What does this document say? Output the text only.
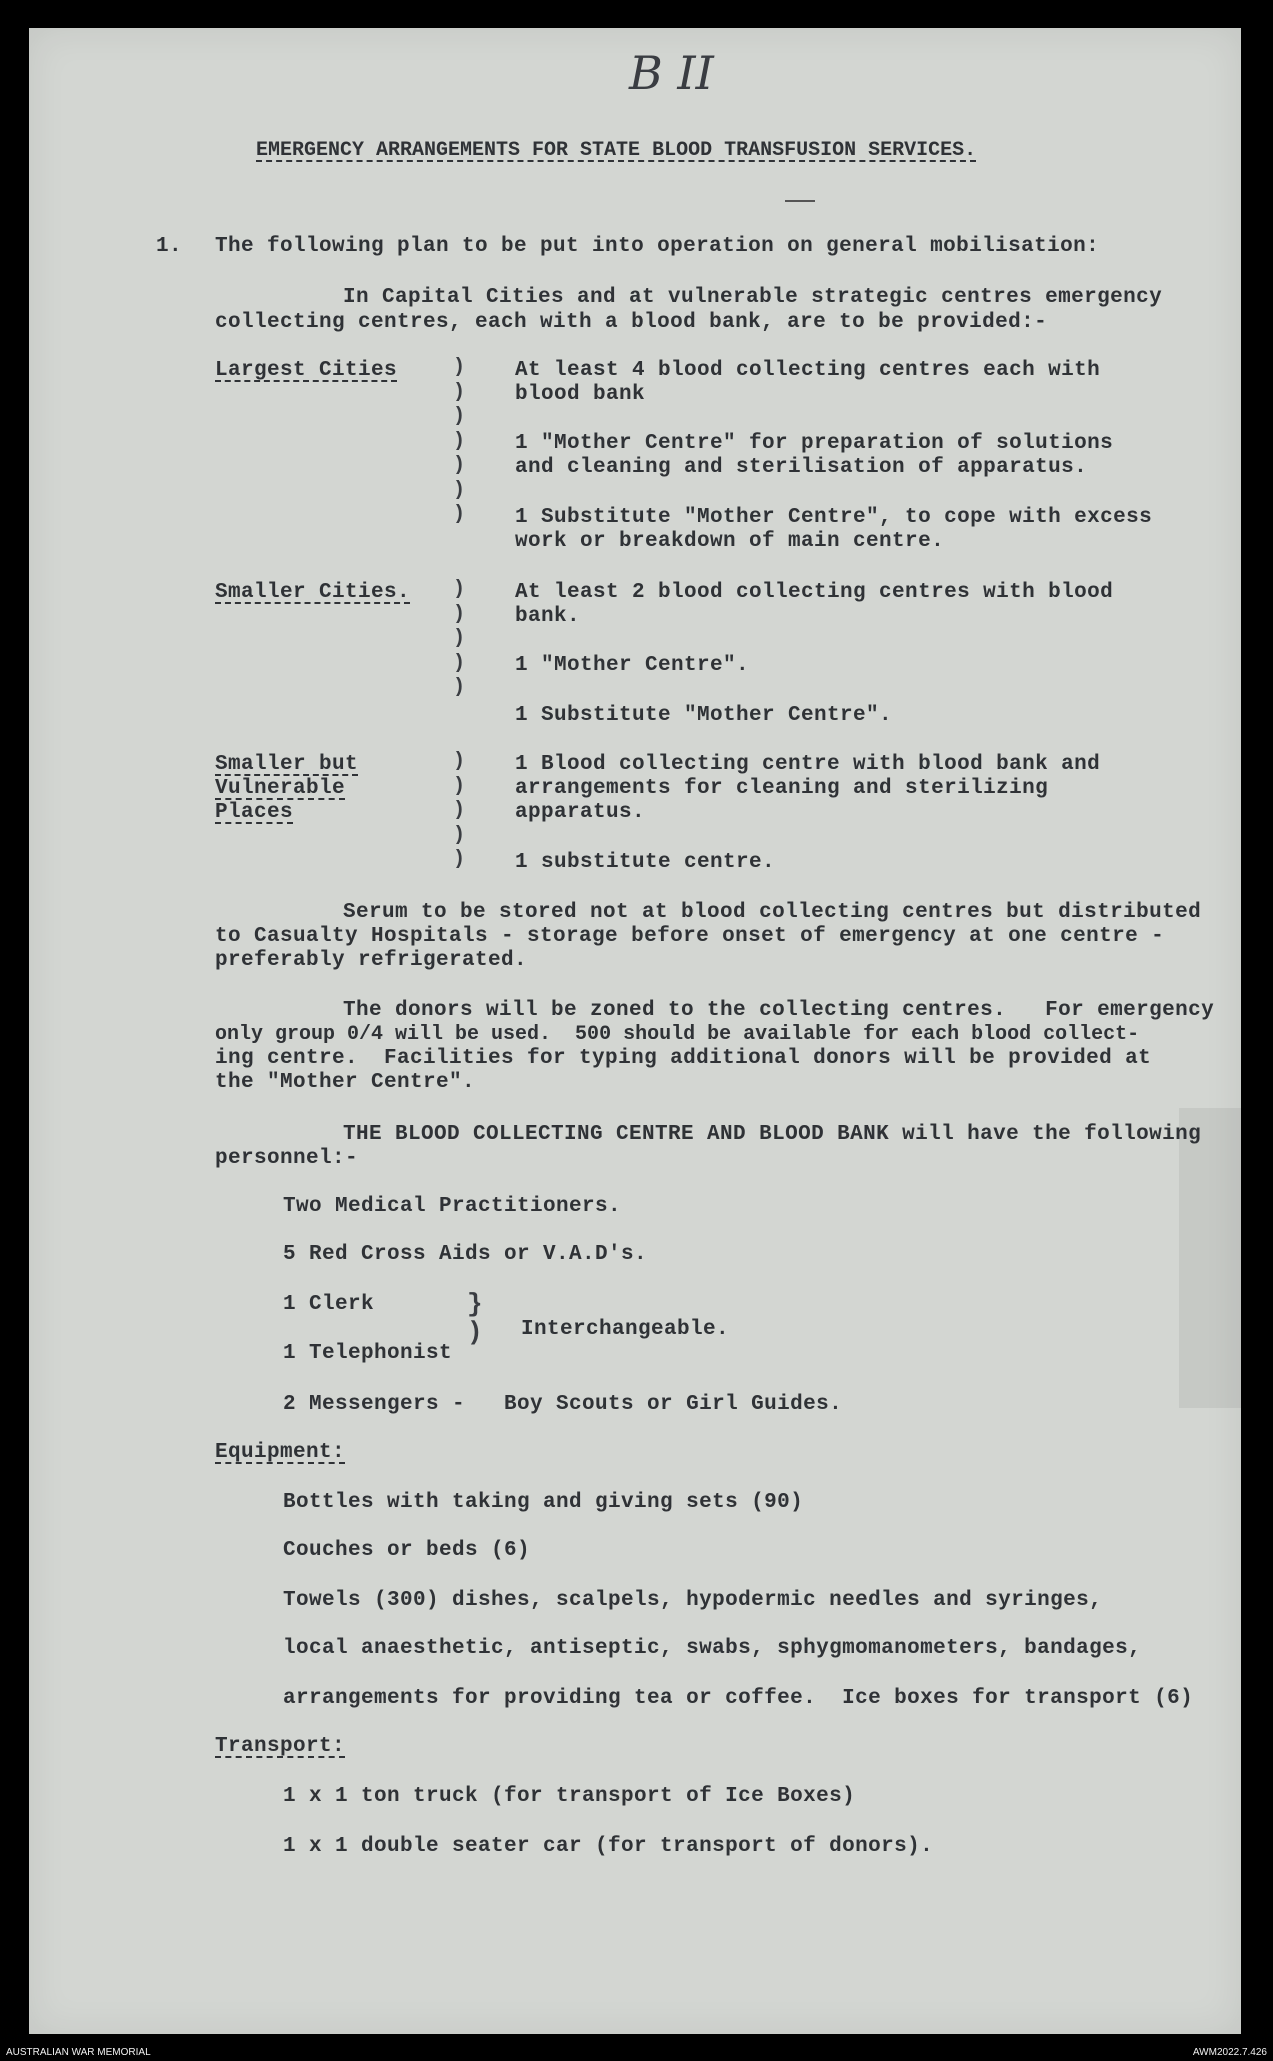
B II
EMERGENCY ARRANGEMENTS FOR STATE BLOOD TRANSFUSION SERVICES.
1. The following plan to be put into operation on general mobilisation:
In Capital Cities and at vulnerable strategic centres emergency
collecting centres, each with a blood bank, are to be provided:-
Largest Cities	)
)
)
)
)
)
)
At least 4 blood collecting centres each with
blood bank
1 "Mother Centre" for preparation of solutions
and cleaning and sterilisation of apparatus.
1 Substitute "Mother Centre", to cope with excess
work or breakdown of main centre.
Smaller Cities. )
)
)
)
)
At least 2 blood collecting centres with blood
bank.
1 "Mother Centre".
1 Substitute "Mother Centre".
Smaller but
Vulnerable
Places
)
)
)
)
)
1 Blood collecting centre with blood bank and
arrangements for cleaning and sterilizing
apparatus.
1 substitute centre.
Serum to be stored not at blood collecting centres but distributed
to Casualty Hospitals - storage before onset of emergency at one centre -
preferably refrigerated.
The donors will be zoned to the collecting centres.   For emergency
only group 0/4 will be used.  500 should be available for each blood collect-
ing centre.  Facilities for typing additional donors will be provided at
the "Mother Centre".
THE BLOOD COLLECTING CENTRE AND BLOOD BANK will have the following
personnel:-
Two Medical Practitioners.
5 Red Cross Aids or V.A.D's.
1 Clerk
1 Telephonist
}
) Interchangeable.
2 Messengers -   Boy Scouts or Girl Guides.
Equipment:
Bottles with taking and giving sets (90)
Couches or beds (6)
Towels (300) dishes, scalpels, hypodermic needles and syringes,
local anaesthetic, antiseptic, swabs, sphygmomanometers, bandages,
arrangements for providing tea or coffee.  Ice boxes for transport (6)
Transport:
1 x 1 ton truck (for transport of Ice Boxes)
1 x 1 double seater car (for transport of donors).
AUSTRALIAN WAR MEMORIAL	AWM2022.7.426
